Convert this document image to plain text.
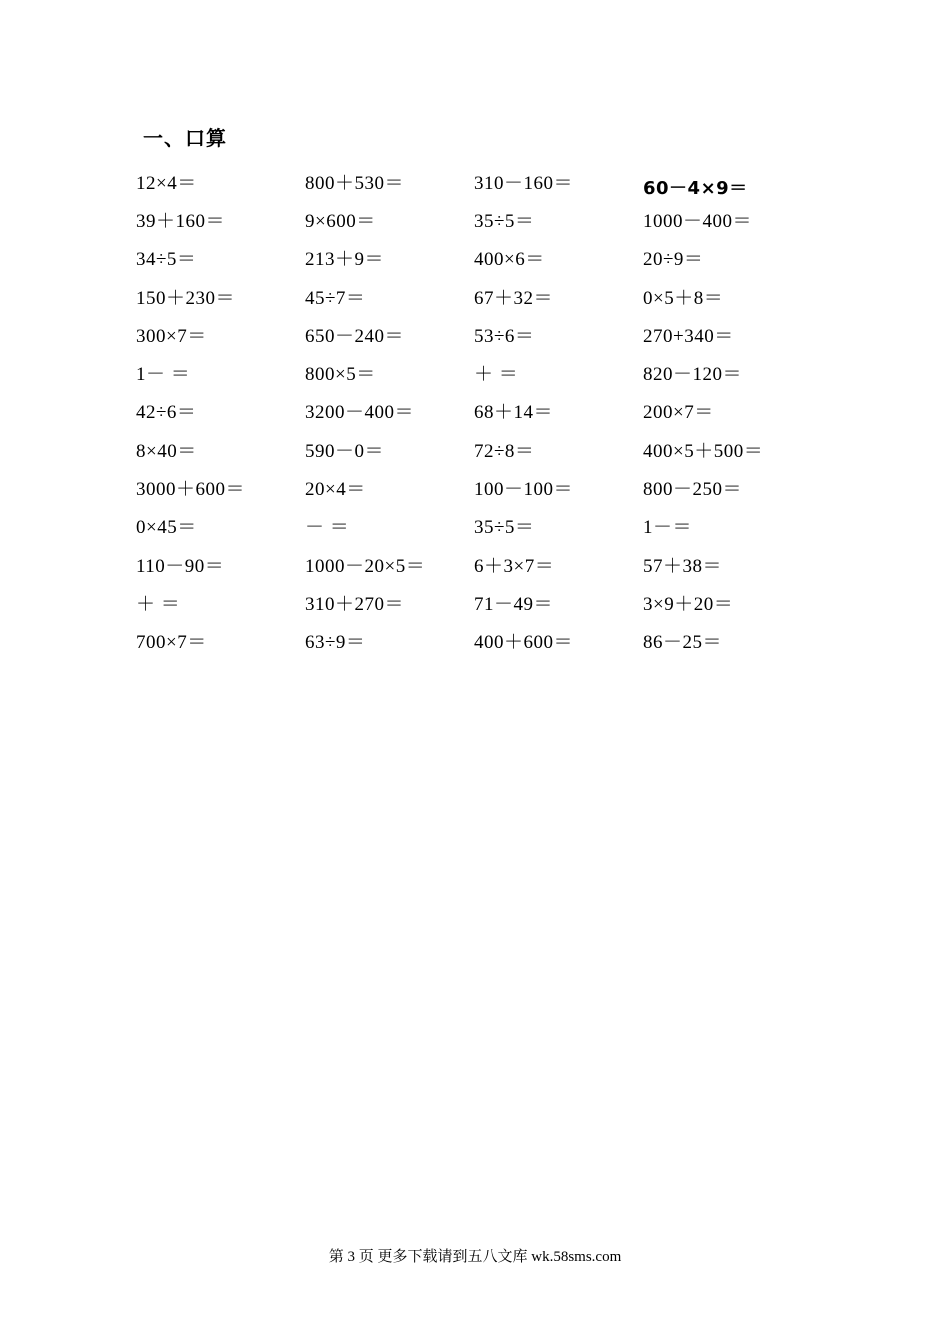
一、口算
12×4＝	800＋530＝	310－160＝	60－4×9＝
39＋160＝	9×600＝	35÷5＝	1000－400＝
34÷5＝	213＋9＝	400×6＝	20÷9＝
150＋230＝	45÷7＝	67＋32＝	0×5＋8＝
300×7＝	650－240＝	53÷6＝	270+340＝
1－ ＝	800×5＝	＋ ＝	820－120＝
42÷6＝	3200－400＝	68＋14＝	200×7＝
8×40＝	590－0＝	72÷8＝	400×5＋500＝
3000＋600＝	20×4＝	100－100＝	800－250＝
0×45＝	－ ＝	35÷5＝	1－＝
110－90＝	1000－20×5＝	6＋3×7＝	57＋38＝
＋ ＝	310＋270＝	71－49＝	3×9＋20＝
700×7＝	63÷9＝	400＋600＝	86－25＝
第 3 页 更多下载请到五八文库 wk.58sms.com
